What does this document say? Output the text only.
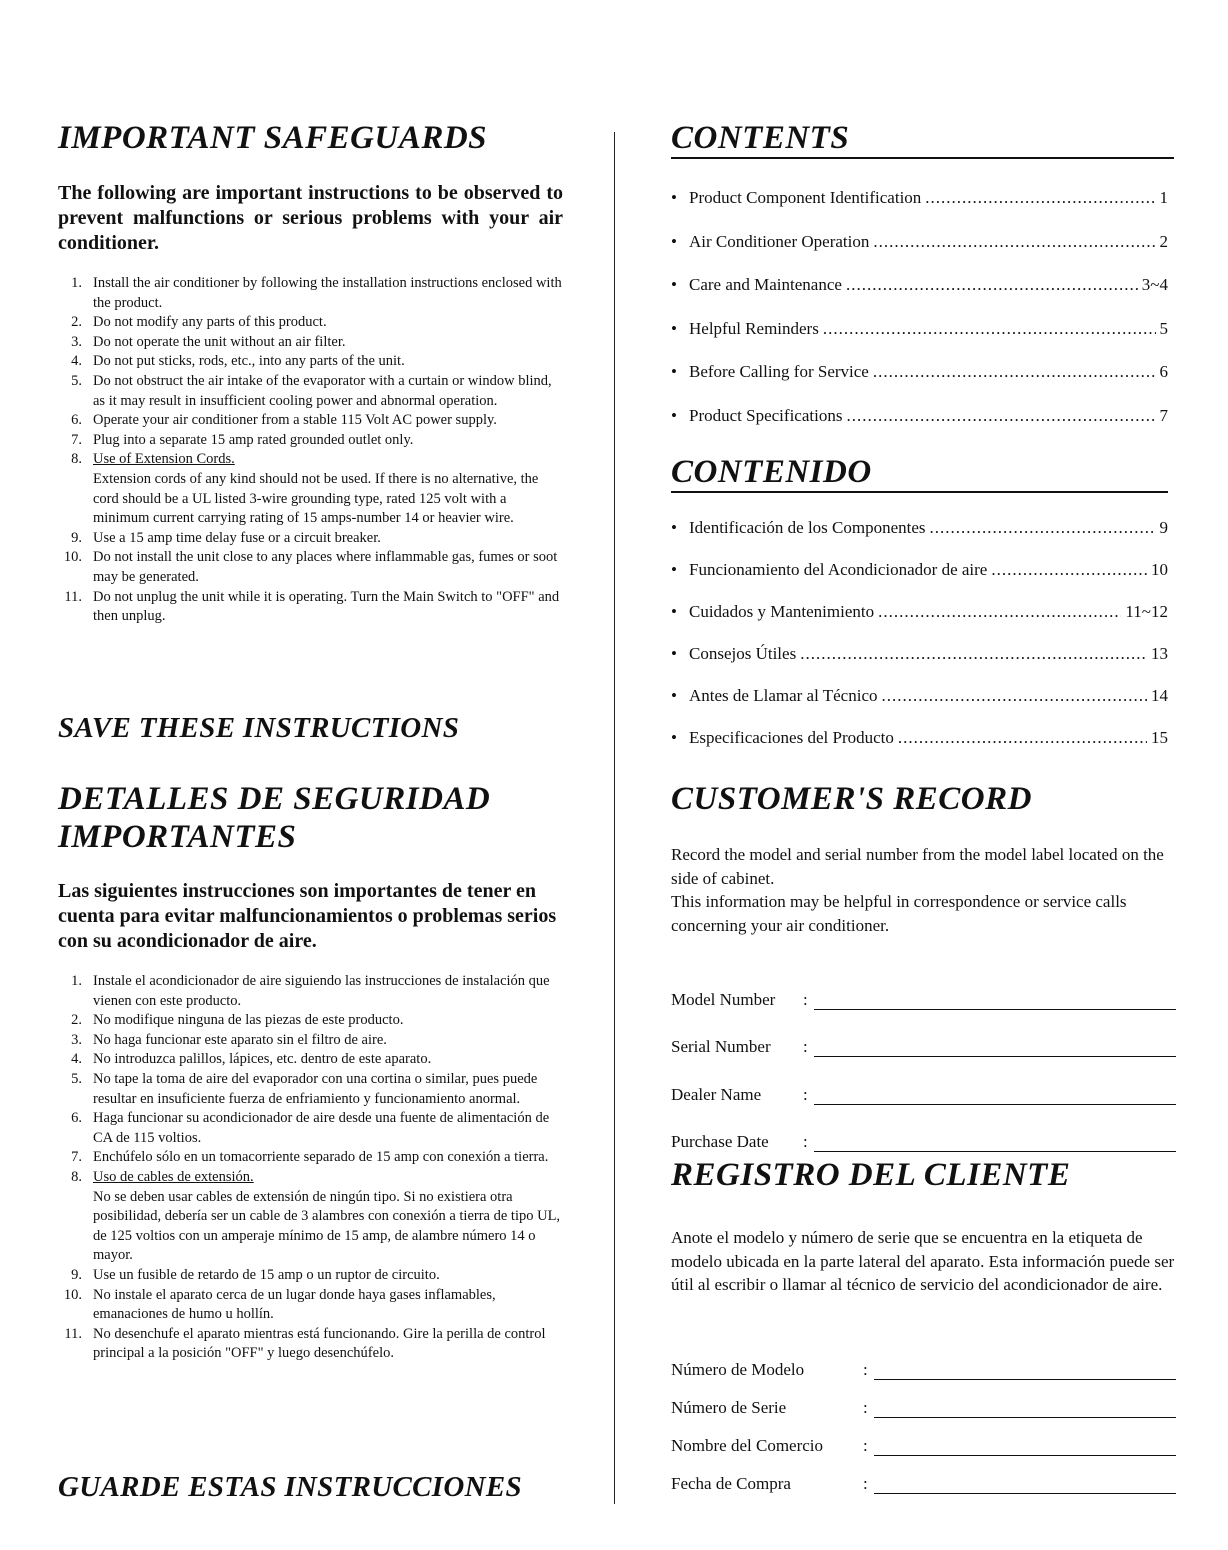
IMPORTANT SAFEGUARDS

The following are important instructions to be observed to prevent malfunctions or serious problems with your air conditioner.

1. Install the air conditioner by following the installation instructions enclosed with the product.
2. Do not modify any parts of this product.
3. Do not operate the unit without an air filter.
4. Do not put sticks, rods, etc., into any parts of the unit.
5. Do not obstruct the air intake of the evaporator with a curtain or window blind, as it may result in insufficient cooling power and abnormal operation.
6. Operate your air conditioner from a stable 115 Volt AC power supply.
7. Plug into a separate 15 amp rated grounded outlet only.
8. Use of Extension Cords.
Extension cords of any kind should not be used. If there is no alternative, the cord should be a UL listed 3-wire grounding type, rated 125 volt with a minimum current carrying rating of 15 amps-number 14 or heavier wire.
9. Use a 15 amp time delay fuse or a circuit breaker.
10. Do not install the unit close to any places where inflammable gas, fumes or soot may be generated.
11. Do not unplug the unit while it is operating. Turn the Main Switch to "OFF" and then unplug.
SAVE THESE INSTRUCTIONS
DETALLES DE SEGURIDAD
IMPORTANTES

Las siguientes instrucciones son importantes de tener en cuenta para evitar malfuncionamientos o problemas serios con su acondicionador de aire.

1. Instale el acondicionador de aire siguiendo las instrucciones de instalación que vienen con este producto.
2. No modifique ninguna de las piezas de este producto.
3. No haga funcionar este aparato sin el filtro de aire.
4. No introduzca palillos, lápices, etc. dentro de este aparato.
5. No tape la toma de aire del evaporador con una cortina o similar, pues puede resultar en insuficiente fuerza de enfriamiento y funcionamiento anormal.
6. Haga funcionar su acondicionador de aire desde una fuente de alimentación de CA de 115 voltios.
7. Enchúfelo sólo en un tomacorriente separado de 15 amp con conexión a tierra.
8. Uso de cables de extensión.
No se deben usar cables de extensión de ningún tipo. Si no existiera otra posibilidad, debería ser un cable de 3 alambres con conexión a tierra de tipo UL, de 125 voltios con un amperaje mínimo de 15 amp, de alambre número 14 o mayor.
9. Use un fusible de retardo de 15 amp o un ruptor de circuito.
10. No instale el aparato cerca de un lugar donde haya gases inflamables, emanaciones de humo u hollín.
11. No desenchufe el aparato mientras está funcionando. Gire la perilla de control principal a la posición "OFF" y luego desenchúfelo.
GUARDE ESTAS INSTRUCCIONES
CONTENTS
• Product Component Identification .....	1
• Air Conditioner Operation .....	2
• Care and Maintenance .....	3~4
• Helpful Reminders .....	5
• Before Calling for Service .....	6
• Product Specifications .....	7
CONTENIDO
• Identificación de los Componentes .....	9
• Funcionamiento del Acondicionador de aire .....	10
• Cuidados y Mantenimiento .....	11~12
• Consejos Útiles .....	13
• Antes de Llamar al Técnico .....	14
• Especificaciones del Producto .....	15
CUSTOMER'S RECORD

Record the model and serial number from the model label located on the side of cabinet.

This information may be helpful in correspondence or service calls concerning your air conditioner.

Model Number	:
Serial Number	:
Dealer Name	:
Purchase Date	:
REGISTRO DEL CLIENTE

Anote el modelo y número de serie que se encuentra en la etiqueta de modelo ubicada en la parte lateral del aparato. Esta información puede ser útil al escribir o llamar al técnico de servicio del acondicionador de aire.

Número de Modelo	:
Número de Serie	:
Nombre del Comercio	:
Fecha de Compra	:
